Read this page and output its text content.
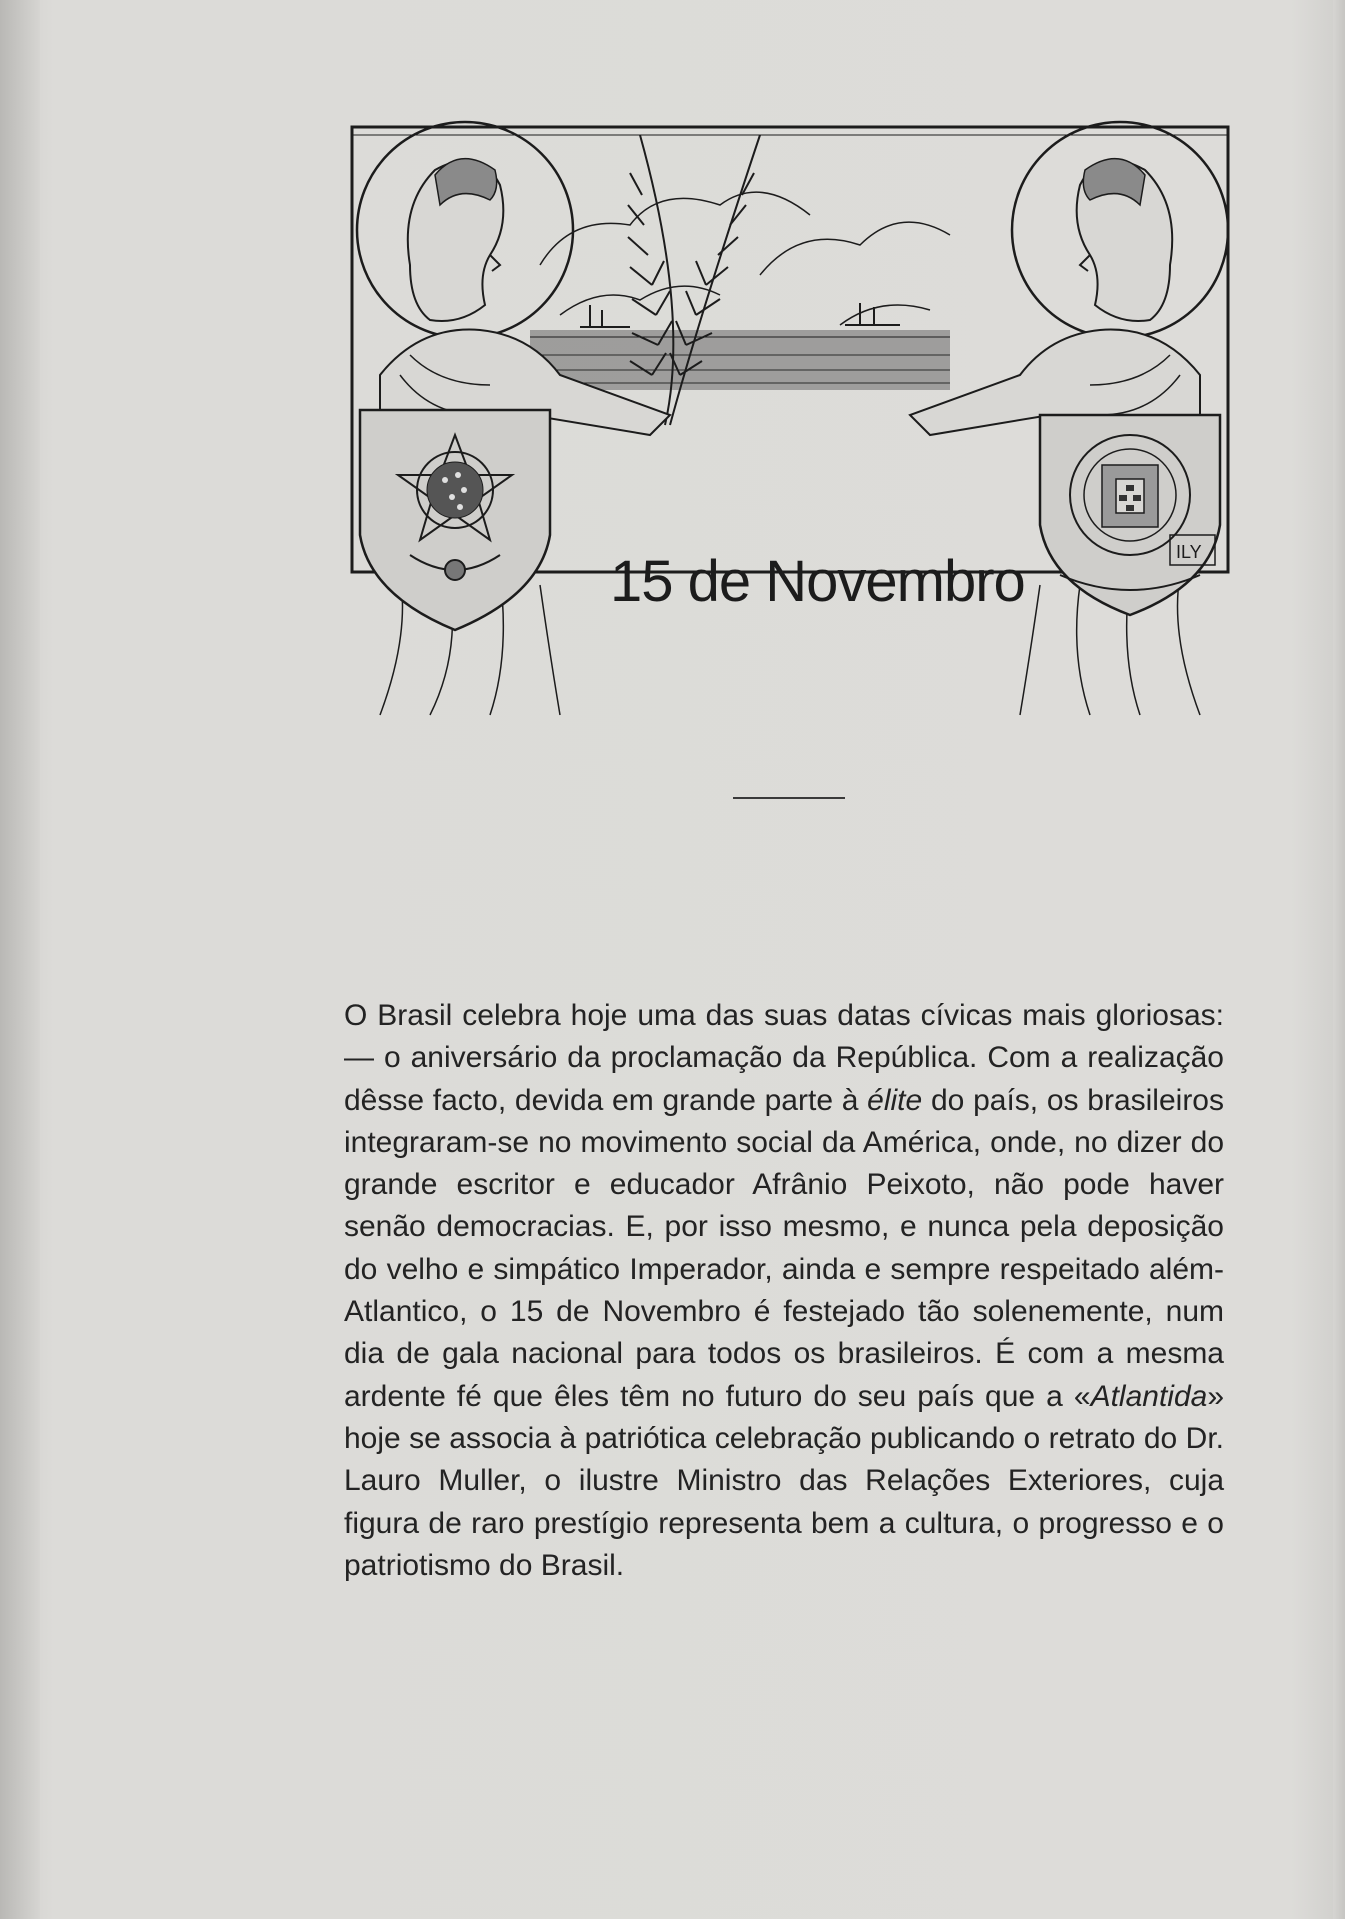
ILY
15 de Novembro
O Brasil celebra hoje uma das suas datas cívicas mais gloriosas: — o aniversário da proclamação da República. Com a realização dêsse facto, devida em grande parte à élite do país, os brasileiros integraram-se no movimento social da América, onde, no dizer do grande escritor e educador Afrânio Peixoto, não pode haver senão democracias. E, por isso mesmo, e nunca pela deposição do velho e simpático Imperador, ainda e sempre respeitado além-Atlantico, o 15 de Novembro é festejado tão solenemente, num dia de gala nacional para todos os brasileiros. É com a mesma ardente fé que êles têm no futuro do seu país que a «Atlantida» hoje se associa à patriótica celebração publicando o retrato do Dr. Lauro Muller, o ilustre Ministro das Relações Exteriores, cuja figura de raro prestígio representa bem a cultura, o progresso e o patriotismo do Brasil.
